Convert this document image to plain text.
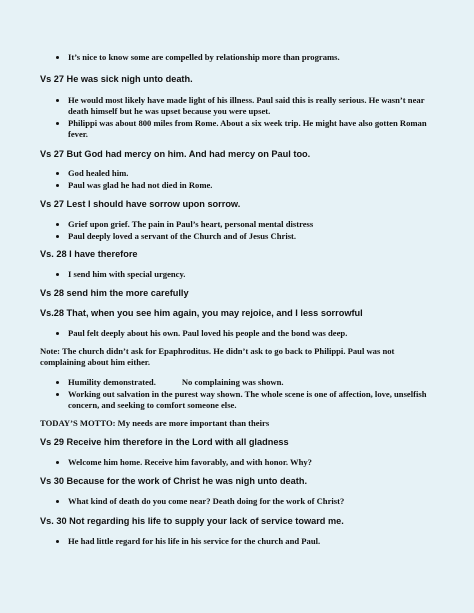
It’s nice to know some are compelled by relationship more than programs.
Vs 27 He was sick nigh unto death.
He would most likely have made light of his illness. Paul said this is really serious. He wasn’t near death himself but he was upset because you were upset.
Philippi was about 800 miles from Rome. About a six week trip. He might have also gotten Roman fever.
Vs 27 But God had mercy on him. And had mercy on Paul too.
God healed him.
Paul was glad he had not died in Rome.
Vs 27 Lest I should have sorrow upon sorrow.
Grief upon grief. The pain in Paul’s heart, personal mental distress
Paul deeply loved a servant of the Church and of Jesus Christ.
Vs. 28 I have therefore
I send him with special urgency.
Vs 28 send him the more carefully
Vs.28 That, when you see him again, you may rejoice, and I less sorrowful
Paul felt deeply about his own. Paul loved his people and the bond was deep.
Note: The church didn’t ask for Epaphroditus. He didn’t ask to go back to Philippi. Paul was not complaining about him either.
Humility demonstrated.	No complaining was shown.
Working out salvation in the purest way shown. The whole scene is one of affection, love, unselfish concern, and seeking to comfort someone else.
TODAY’S MOTTO: My needs are more important than theirs
Vs 29 Receive him therefore in the Lord with all gladness
Welcome him home. Receive him favorably, and with honor. Why?
Vs 30 Because for the work of Christ he was nigh unto death.
What kind of death do you come near? Death doing for the work of Christ?
Vs. 30 Not regarding his life to supply your lack of service toward me.
He had little regard for his life in his service for the church and Paul.
